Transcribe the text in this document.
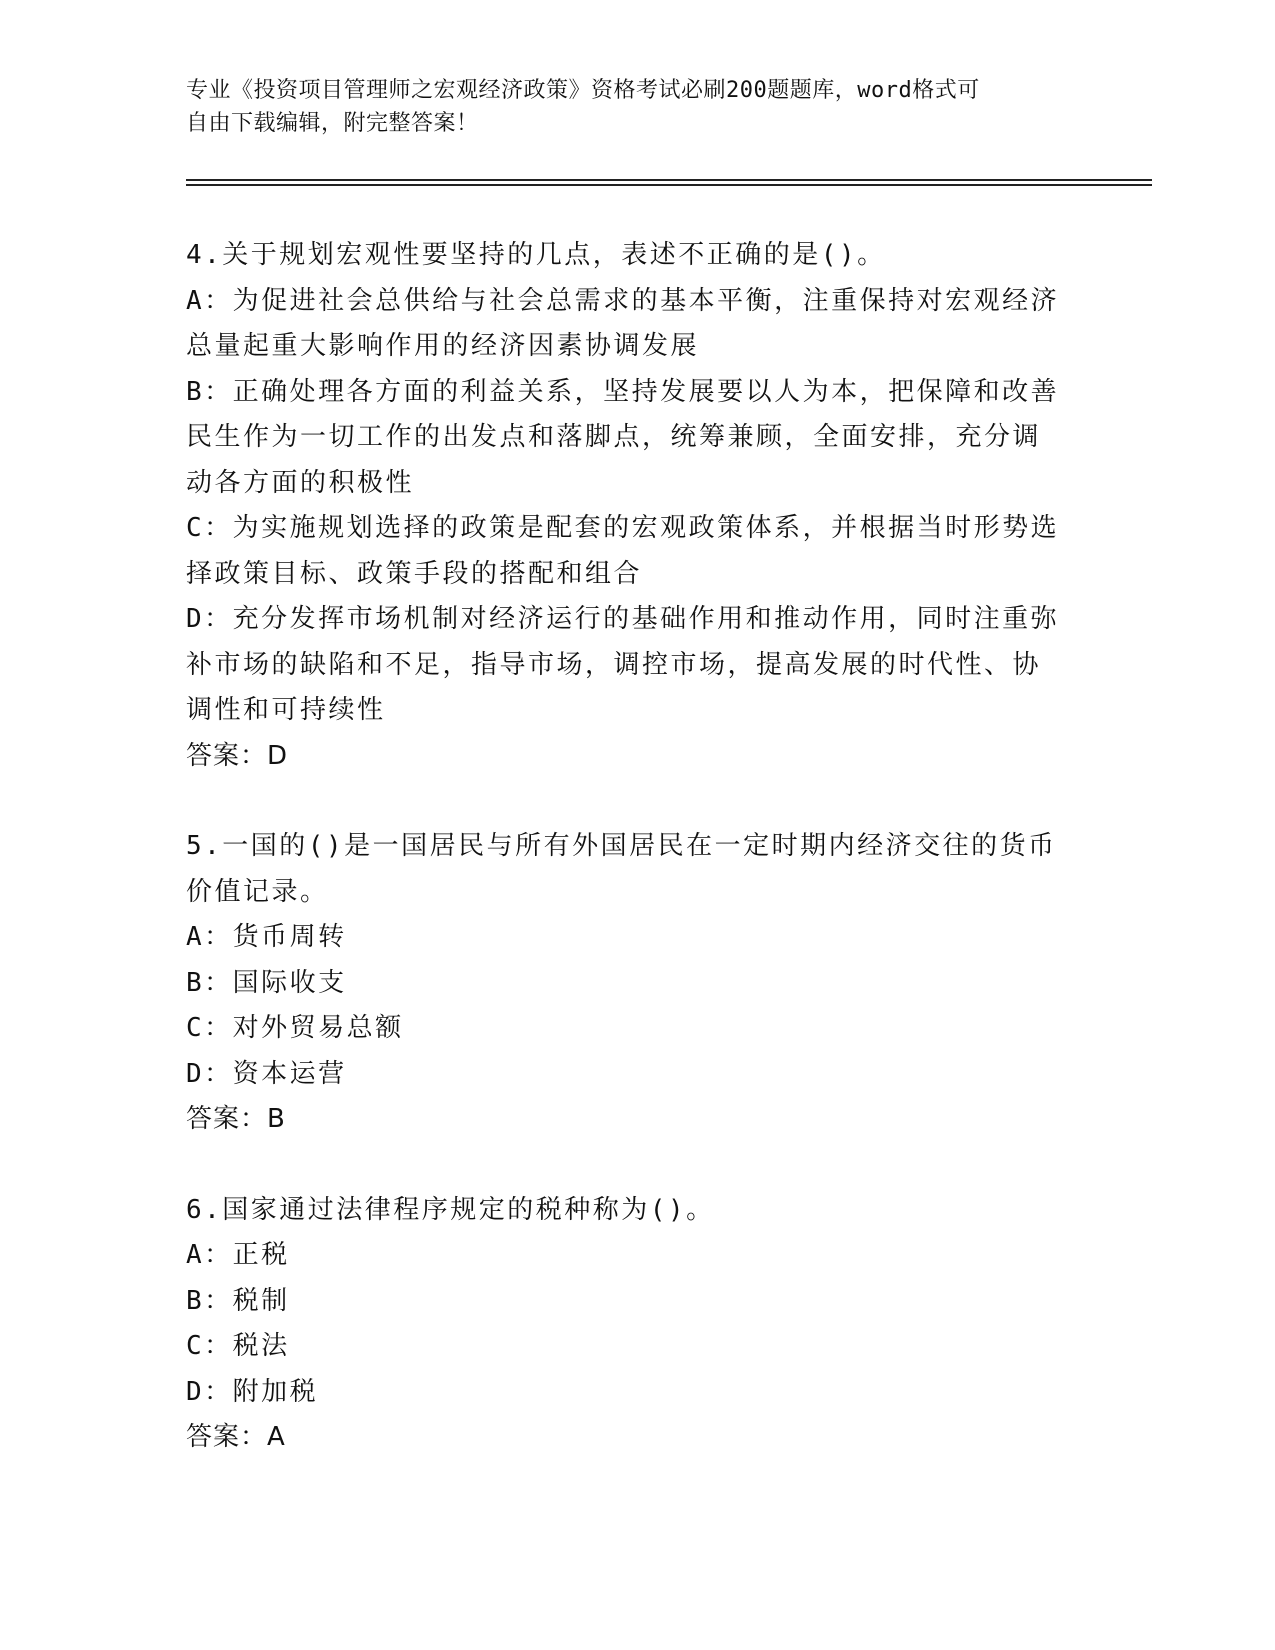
专业《投资项目管理师之宏观经济政策》资格考试必刷200题题库，word格式可
自由下载编辑，附完整答案！
4.关于规划宏观性要坚持的几点，表述不正确的是()。
A：为促进社会总供给与社会总需求的基本平衡，注重保持对宏观经济
总量起重大影响作用的经济因素协调发展
B：正确处理各方面的利益关系，坚持发展要以人为本，把保障和改善
民生作为一切工作的出发点和落脚点，统筹兼顾，全面安排，充分调
动各方面的积极性
C：为实施规划选择的政策是配套的宏观政策体系，并根据当时形势选
择政策目标、政策手段的搭配和组合
D：充分发挥市场机制对经济运行的基础作用和推动作用，同时注重弥
补市场的缺陷和不足，指导市场，调控市场，提高发展的时代性、协
调性和可持续性
答案：D
5.一国的()是一国居民与所有外国居民在一定时期内经济交往的货币
价值记录。
A：货币周转
B：国际收支
C：对外贸易总额
D：资本运营
答案：B
6.国家通过法律程序规定的税种称为()。
A：正税
B：税制
C：税法
D：附加税
答案：A
